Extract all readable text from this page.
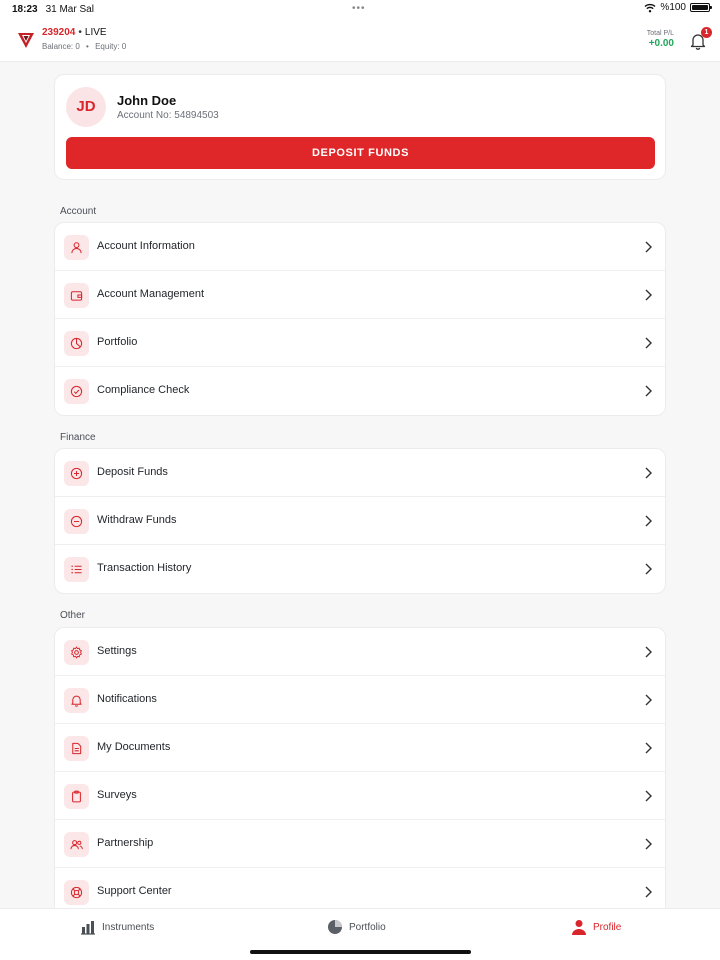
18:23 31 Mar Sal	•••	%100
239204 • LIVE
Balance: 0 • Equity: 0
Total P/L
+0.00
1
JD	John Doe
Account No: 54894503
DEPOSIT FUNDS
Account
Account Information
Account Management
Portfolio
Compliance Check
Finance
Deposit Funds
Withdraw Funds
Transaction History
Other
Settings
Notifications
My Documents
Surveys
Partnership
Support Center
Instruments	Portfolio	Profile
